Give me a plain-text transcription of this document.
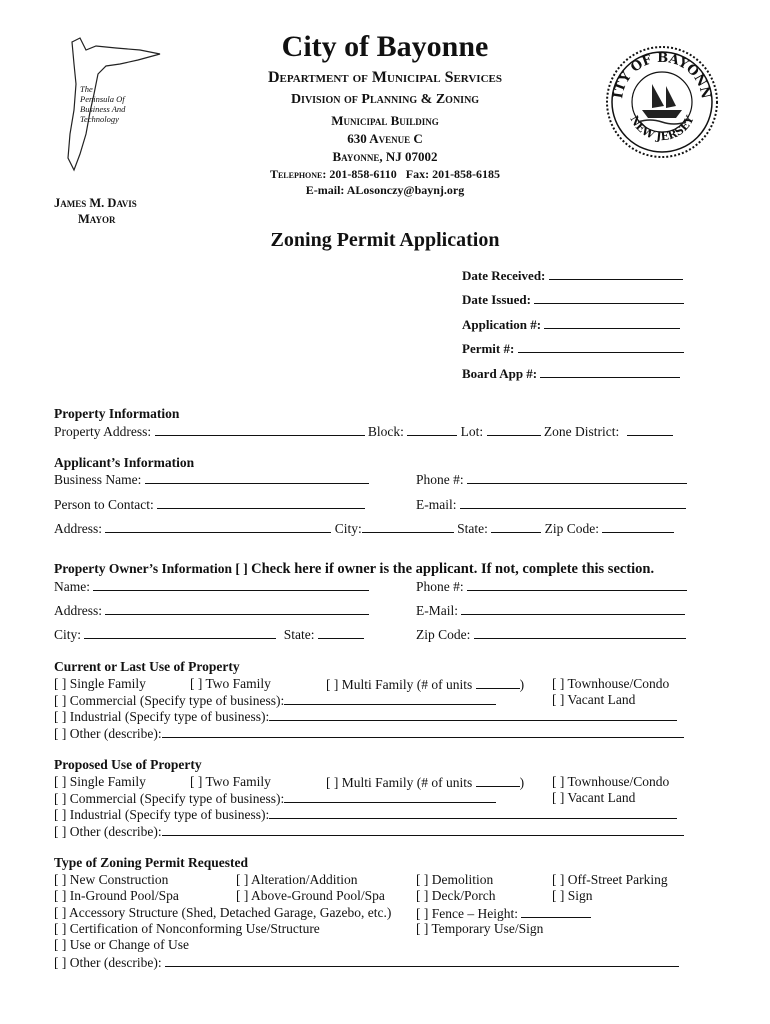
The
Peninsula Of
Business And
Technology
City of Bayonne
Department of Municipal Services
Division of Planning & Zoning
Municipal Building
630 Avenue C
Bayonne, NJ 07002
Telephone: 201-858-6110 Fax: 201-858-6185
E-mail: ALosonczy@baynj.org
ITY OF BAYONN
NEW JERSEY
James M. Davis
Mayor
Zoning Permit Application
Date Received:
Date Issued:
Application #:
Permit #:
Board App #:
Property Information
Property Address:	Block:	Lot:	Zone District:
Applicant’s Information
Business Name:	Phone #:
Person to Contact:	E-mail:
Address:	City:	State:	Zip Code:
Property Owner’s Information [ ] Check here if owner is the applicant. If not, complete this section.
Name:	Phone #:
Address:	E-Mail:
City:	State:	Zip Code:
Current or Last Use of Property
[ ] Single Family	[ ] Two Family	[ ] Multi Family (# of units	) [ ] Townhouse/Condo
[ ] Commercial (Specify type of business):	[ ] Vacant Land
[ ] Industrial (Specify type of business):
[ ] Other (describe):
Proposed Use of Property
[ ] Single Family	[ ] Two Family	[ ] Multi Family (# of units	) [ ] Townhouse/Condo
[ ] Commercial (Specify type of business):	[ ] Vacant Land
[ ] Industrial (Specify type of business):
[ ] Other (describe):
Type of Zoning Permit Requested
[ ] New Construction	[ ] Alteration/Addition	[ ] Demolition	[ ] Off-Street Parking
[ ] In-Ground Pool/Spa	[ ] Above-Ground Pool/Spa [ ] Deck/Porch	[ ] Sign
[ ] Accessory Structure (Shed, Detached Garage, Gazebo, etc.) [ ] Fence – Height:
[ ] Certification of Nonconforming Use/Structure	[ ] Temporary Use/Sign
[ ] Use or Change of Use
[ ] Other (describe):
